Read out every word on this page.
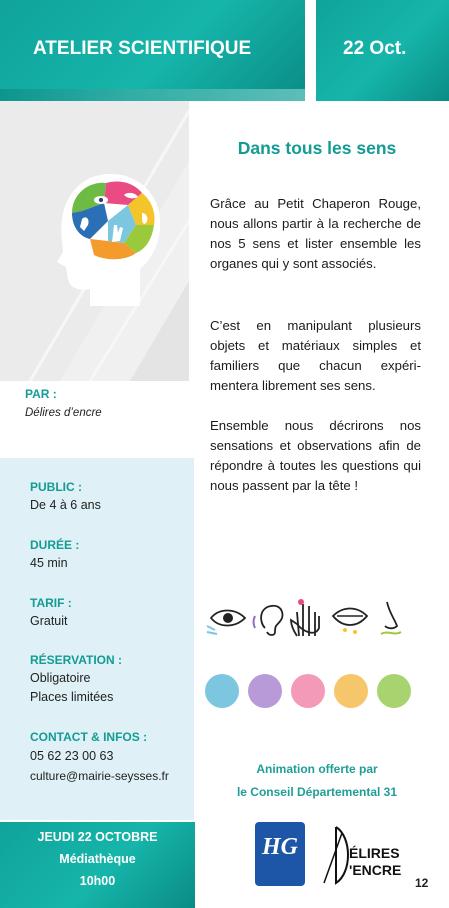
ATELIER SCIENTIFIQUE	22 Oct.
PAR :
Délires d’encre
PUBLIC :
De 4 à 6 ans
DURÉE :
45 min
TARIF :
Gratuit
RÉSERVATION :
Obligatoire
Places limitées
CONTACT & INFOS :
05 62 23 00 63
culture@mairie-seysses.fr
JEUDI 22 OCTOBRE
Médiathèque
10h00
Dans tous les sens
Grâce au Petit Chaperon Rouge, nous allons partir à la recherche de nos 5 sens et lister ensemble les organes qui y sont associés.
C’est en manipulant plusieurs objets et matériaux simples et familiers que chacun expéri-mentera librement ses sens.
Ensemble nous décrirons nos sensations et observations afin de répondre à toutes les questions qui nous passent par la tête !
Animation offerte par
le Conseil Départemental 31
HG	ÉLIRES
'ENCRE
12
